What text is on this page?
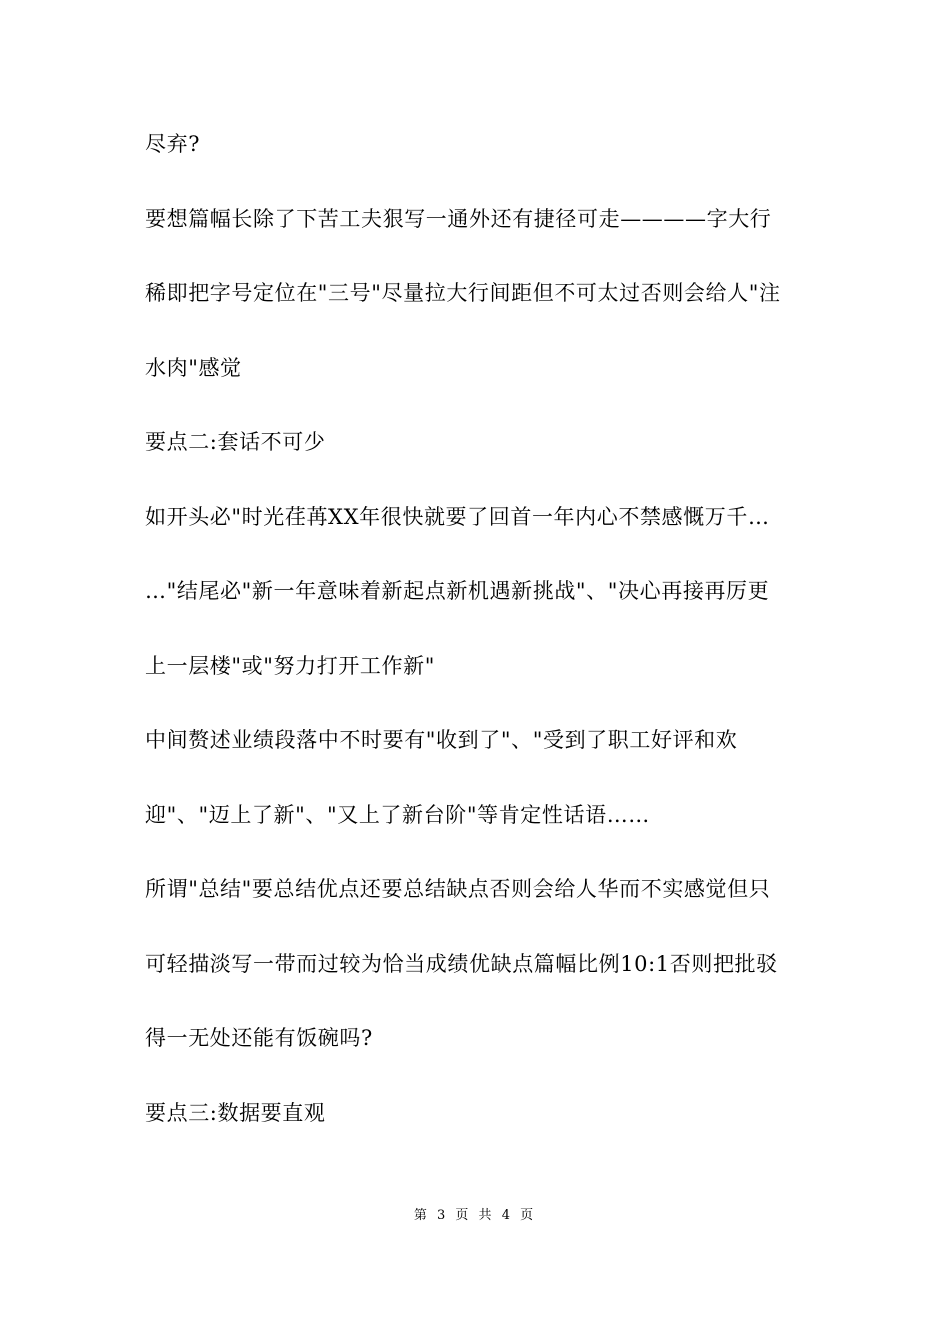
尽弃?
要想篇幅长除了下苦工夫狠写一通外还有捷径可走————字大行
稀即把字号定位在"三号"尽量拉大行间距但不可太过否则会给人"注
水肉"感觉
要点二:套话不可少
如开头必"时光荏苒XX年很快就要了回首一年内心不禁感慨万千…
…"结尾必"新一年意味着新起点新机遇新挑战"、"决心再接再厉更
上一层楼"或"努力打开工作新"
中间赘述业绩段落中不时要有"收到了"、"受到了职工好评和欢
迎"、"迈上了新"、"又上了新台阶"等肯定性话语……
所谓"总结"要总结优点还要总结缺点否则会给人华而不实感觉但只
可轻描淡写一带而过较为恰当成绩优缺点篇幅比例10:1否则把批驳
得一无处还能有饭碗吗?
要点三:数据要直观
第 3 页 共 4 页
